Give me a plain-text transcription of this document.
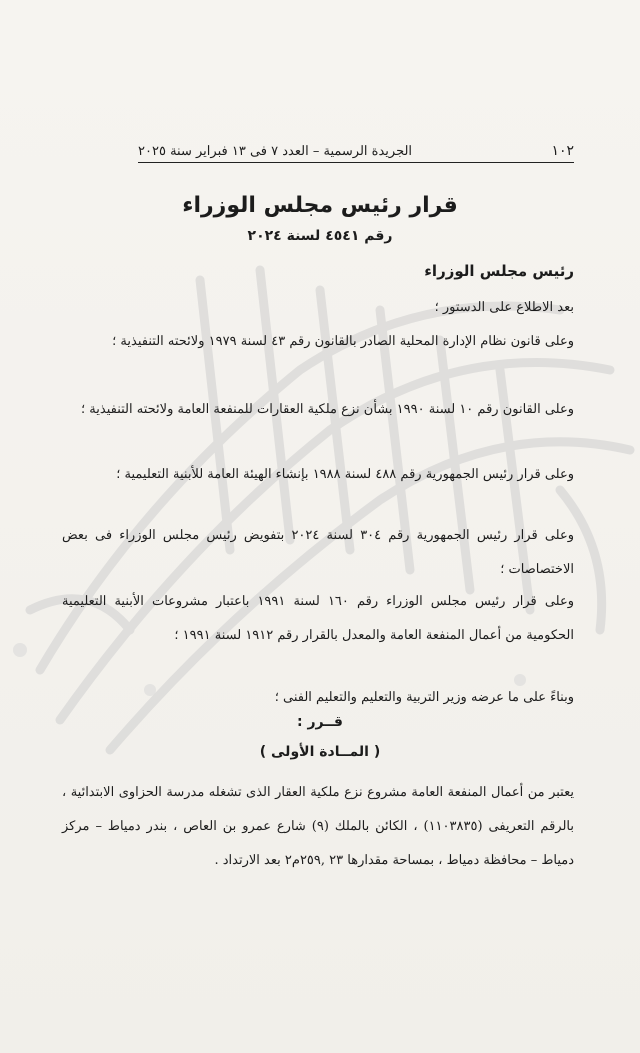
١٠٢
الجريدة الرسمية – العدد ٧ فى ١٣ فبراير سنة ٢٠٢٥
قرار رئيس مجلس الوزراء
رقم ٤٥٤١ لسنة ٢٠٢٤
رئيس مجلس الوزراء
بعد الاطلاع على الدستور ؛
وعلى قانون نظام الإدارة المحلية الصادر بالقانون رقم ٤٣ لسنة ١٩٧٩ ولائحته التنفيذية ؛
وعلى القانون رقم ١٠ لسنة ١٩٩٠ بشأن نزع ملكية العقارات للمنفعة العامة ولائحته التنفيذية ؛
وعلى قرار رئيس الجمهورية رقم ٤٨٨ لسنة ١٩٨٨ بإنشاء الهيئة العامة للأبنية التعليمية ؛
وعلى قرار رئيس الجمهورية رقم ٣٠٤ لسنة ٢٠٢٤ بتفويض رئيس مجلس الوزراء فى بعض الاختصاصات ؛
وعلى قرار رئيس مجلس الوزراء رقم ١٦٠ لسنة ١٩٩١ باعتبار مشروعات الأبنية التعليمية الحكومية من أعمال المنفعة العامة والمعدل بالقرار رقم ١٩١٢ لسنة ١٩٩١ ؛
وبناءً على ما عرضه وزير التربية والتعليم والتعليم الفنى ؛
قــرر :
( المــادة الأولى )
يعتبر من أعمال المنفعة العامة مشروع نزع ملكية العقار الذى تشغله مدرسة الحزاوى الابتدائية ، بالرقم التعريفى (١١٠٣٨٣٥) ، الكائن بالملك (٩) شارع عمرو بن العاص ، بندر دمياط – مركز دمياط – محافظة دمياط ، بمساحة مقدارها ٢٣ ,٢٥٩م٢ بعد الارتداد .
